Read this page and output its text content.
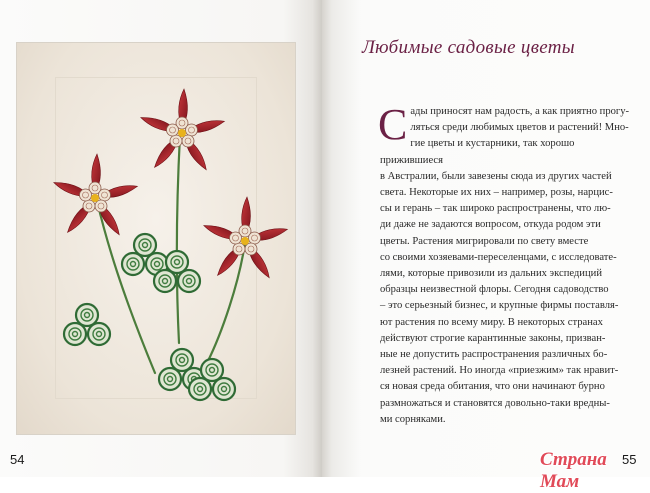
54
Любимые садовые цветы
С ады приносят нам радость, а как приятно прогу-
ляться среди любимых цветов и растений! Мно-
гие цветы и кустарники, так хорошо прижившиеся
в Австралии, были завезены сюда из других частей
света. Некоторые их них – например, розы, нарцис-
сы и герань – так широко распространены, что лю-
ди даже не задаются вопросом, откуда родом эти
цветы. Растения мигрировали по свету вместе
со своими хозяевами-переселенцами, с исследовате-
лями, которые привозили из дальних экспедиций
образцы неизвестной флоры. Сегодня садоводство
– это серьезный бизнес, и крупные фирмы поставля-
ют растения по всему миру. В некоторых странах
действуют строгие карантинные законы, призван-
ные не допустить распространения различных бо-
лезней растений. Но иногда «приезжим» так нравит-
ся новая среда обитания, что они начинают бурно
размножаться и становятся довольно-таки вредны-
ми сорняками.
55
Страна Мам
